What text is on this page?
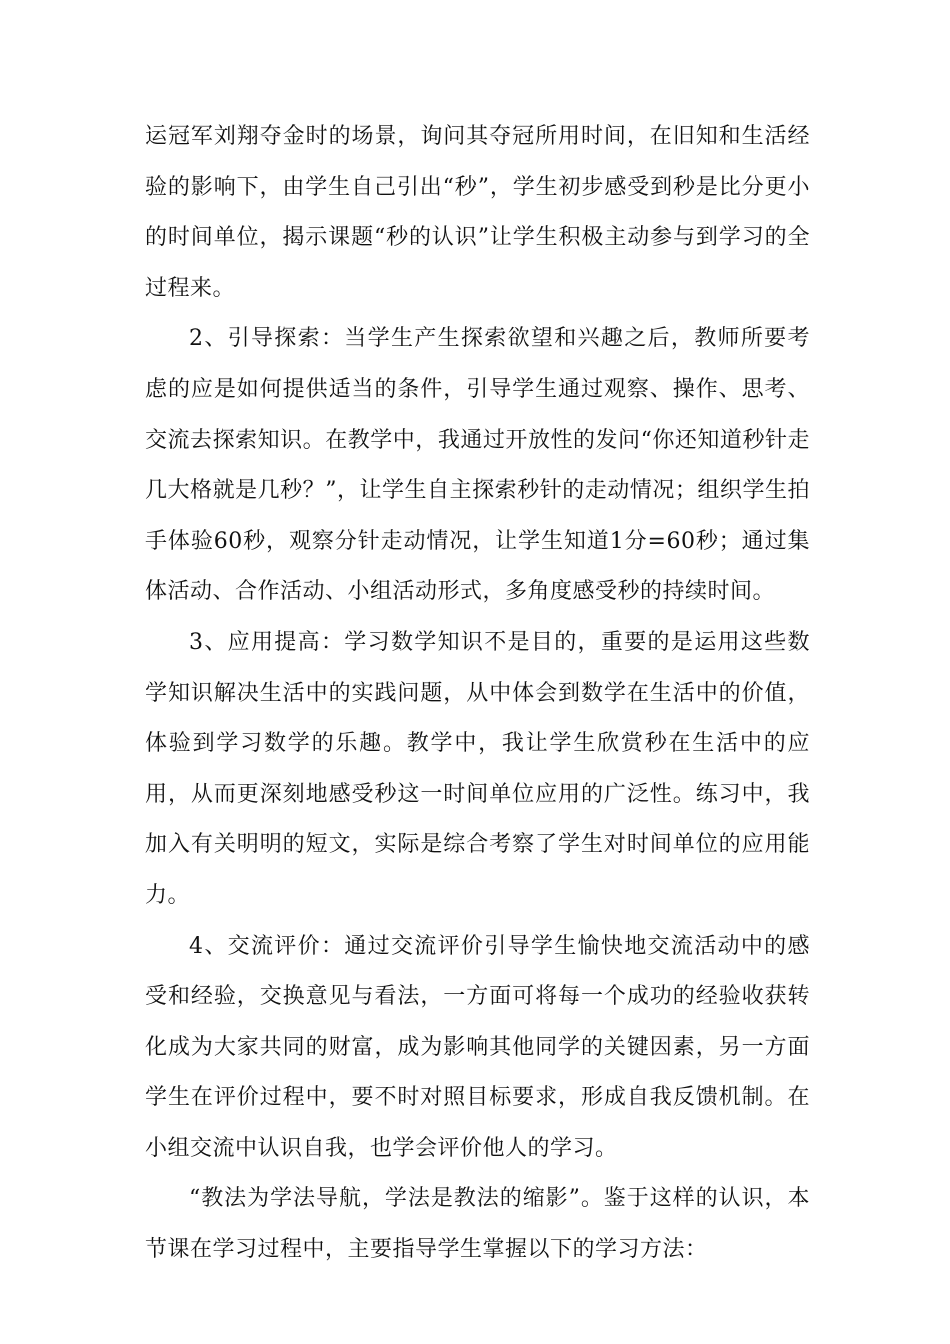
运冠军刘翔夺金时的场景，询问其夺冠所用时间，在旧知和生活经验的影响下，由学生自己引出“秒”，学生初步感受到秒是比分更小的时间单位，揭示课题“秒的认识”让学生积极主动参与到学习的全过程来。

2、引导探索：当学生产生探索欲望和兴趣之后，教师所要考虑的应是如何提供适当的条件，引导学生通过观察、操作、思考、交流去探索知识。在教学中，我通过开放性的发问“你还知道秒针走几大格就是几秒？”，让学生自主探索秒针的走动情况；组织学生拍手体验60秒，观察分针走动情况，让学生知道1分=60秒；通过集体活动、合作活动、小组活动形式，多角度感受秒的持续时间。

3、应用提高：学习数学知识不是目的，重要的是运用这些数学知识解决生活中的实践问题，从中体会到数学在生活中的价值，体验到学习数学的乐趣。教学中，我让学生欣赏秒在生活中的应用，从而更深刻地感受秒这一时间单位应用的广泛性。练习中，我加入有关明明的短文，实际是综合考察了学生对时间单位的应用能力。

4、交流评价：通过交流评价引导学生愉快地交流活动中的感受和经验，交换意见与看法，一方面可将每一个成功的经验收获转化成为大家共同的财富，成为影响其他同学的关键因素，另一方面学生在评价过程中，要不时对照目标要求，形成自我反馈机制。在小组交流中认识自我，也学会评价他人的学习。

“教法为学法导航，学法是教法的缩影”。鉴于这样的认识，本节课在学习过程中，主要指导学生掌握以下的学习方法：
